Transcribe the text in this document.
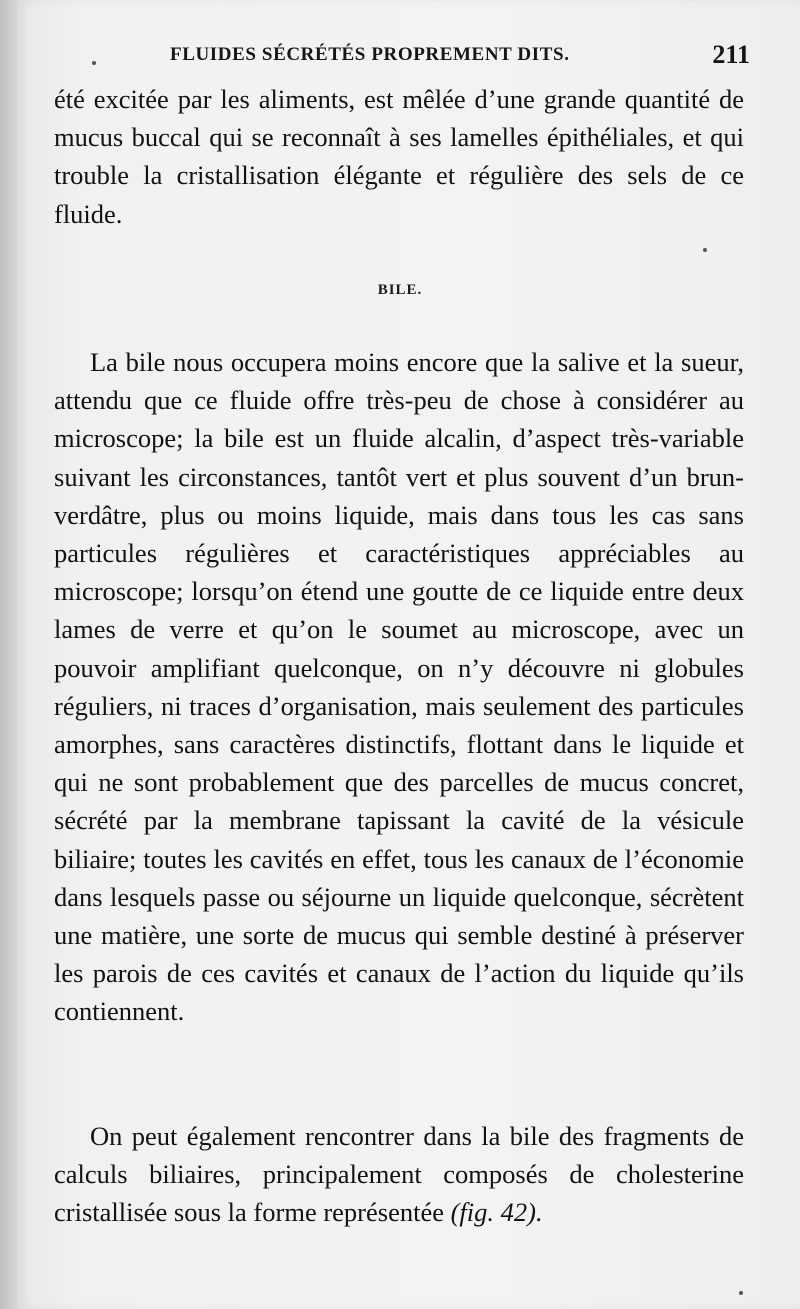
FLUIDES SÉCRÉTÉS PROPREMENT DITS.	211
été excitée par les aliments, est mêlée d’une grande quantité de mucus buccal qui se reconnaît à ses lamelles épithéliales, et qui trouble la cristallisation élégante et régulière des sels de ce fluide.
BILE.
La bile nous occupera moins encore que la salive et la sueur, attendu que ce fluide offre très-peu de chose à considérer au microscope; la bile est un fluide alcalin, d’aspect très-variable suivant les circonstances, tantôt vert et plus souvent d’un brun-verdâtre, plus ou moins liquide, mais dans tous les cas sans particules régulières et caractéristiques appréciables au microscope; lorsqu’on étend une goutte de ce liquide entre deux lames de verre et qu’on le soumet au microscope, avec un pouvoir amplifiant quelconque, on n’y découvre ni globules réguliers, ni traces d’organisation, mais seulement des particules amorphes, sans caractères distinctifs, flottant dans le liquide et qui ne sont probablement que des parcelles de mucus concret, sécrété par la membrane tapissant la cavité de la vésicule biliaire; toutes les cavités en effet, tous les canaux de l’économie dans lesquels passe ou séjourne un liquide quelconque, sécrètent une matière, une sorte de mucus qui semble destiné à préserver les parois de ces cavités et canaux de l’action du liquide qu’ils contiennent.
On peut également rencontrer dans la bile des fragments de calculs biliaires, principalement composés de cholesterine cristallisée sous la forme représentée (fig. 42).
